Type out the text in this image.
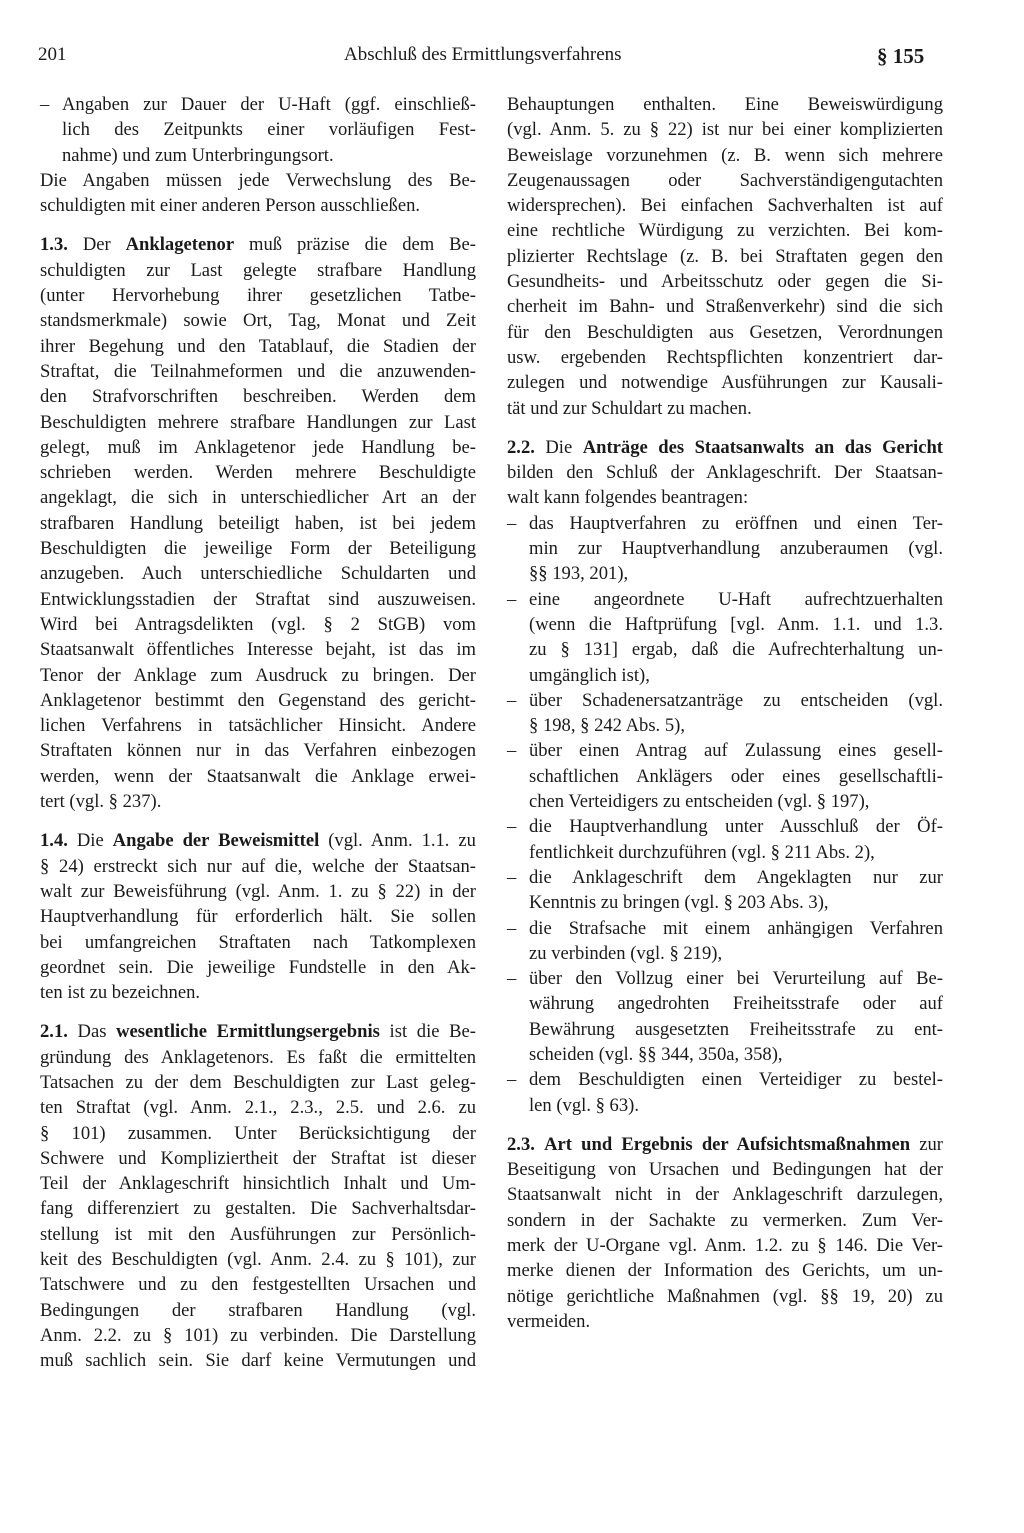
201	Abschluß des Ermittlungsverfahrens	§ 155
– Angaben zur Dauer der U-Haft (ggf. einschließ-
lich des Zeitpunkts einer vorläufigen Fest-
nahme) und zum Unterbringungsort.
Die Angaben müssen jede Verwechslung des Be-
schuldigten mit einer anderen Person ausschließen.
1.3. Der Anklagetenor muß präzise die dem Be-
schuldigten zur Last gelegte strafbare Handlung
(unter Hervorhebung ihrer gesetzlichen Tatbe-
standsmerkmale) sowie Ort, Tag, Monat und Zeit
ihrer Begehung und den Tatablauf, die Stadien der
Straftat, die Teilnahmeformen und die anzuwenden-
den Strafvorschriften beschreiben. Werden dem
Beschuldigten mehrere strafbare Handlungen zur Last
gelegt, muß im Anklagetenor jede Handlung be-
schrieben werden. Werden mehrere Beschuldigte
angeklagt, die sich in unterschiedlicher Art an der
strafbaren Handlung beteiligt haben, ist bei jedem
Beschuldigten die jeweilige Form der Beteiligung
anzugeben. Auch unterschiedliche Schuldarten und
Entwicklungsstadien der Straftat sind auszuweisen.
Wird bei Antragsdelikten (vgl. § 2 StGB) vom
Staatsanwalt öffentliches Interesse bejaht, ist das im
Tenor der Anklage zum Ausdruck zu bringen. Der
Anklagetenor bestimmt den Gegenstand des gericht-
lichen Verfahrens in tatsächlicher Hinsicht. Andere
Straftaten können nur in das Verfahren einbezogen
werden, wenn der Staatsanwalt die Anklage erwei-
tert (vgl. § 237).
1.4. Die Angabe der Beweismittel (vgl. Anm. 1.1. zu
§ 24) erstreckt sich nur auf die, welche der Staatsan-
walt zur Beweisführung (vgl. Anm. 1. zu § 22) in der
Hauptverhandlung für erforderlich hält. Sie sollen
bei umfangreichen Straftaten nach Tatkomplexen
geordnet sein. Die jeweilige Fundstelle in den Ak-
ten ist zu bezeichnen.
2.1. Das wesentliche Ermittlungsergebnis ist die Be-
gründung des Anklagetenors. Es faßt die ermittelten
Tatsachen zu der dem Beschuldigten zur Last geleg-
ten Straftat (vgl. Anm. 2.1., 2.3., 2.5. und 2.6. zu
§ 101) zusammen. Unter Berücksichtigung der
Schwere und Kompliziertheit der Straftat ist dieser
Teil der Anklageschrift hinsichtlich Inhalt und Um-
fang differenziert zu gestalten. Die Sachverhaltsdar-
stellung ist mit den Ausführungen zur Persönlich-
keit des Beschuldigten (vgl. Anm. 2.4. zu § 101), zur
Tatschwere und zu den festgestellten Ursachen und
Bedingungen der strafbaren Handlung (vgl.
Anm. 2.2. zu § 101) zu verbinden. Die Darstellung
muß sachlich sein. Sie darf keine Vermutungen und
Behauptungen enthalten. Eine Beweiswürdigung
(vgl. Anm. 5. zu § 22) ist nur bei einer komplizierten
Beweislage vorzunehmen (z. B. wenn sich mehrere
Zeugenaussagen oder Sachverständigengutachten
widersprechen). Bei einfachen Sachverhalten ist auf
eine rechtliche Würdigung zu verzichten. Bei kom-
plizierter Rechtslage (z. B. bei Straftaten gegen den
Gesundheits- und Arbeitsschutz oder gegen die Si-
cherheit im Bahn- und Straßenverkehr) sind die sich
für den Beschuldigten aus Gesetzen, Verordnungen
usw. ergebenden Rechtspflichten konzentriert dar-
zulegen und notwendige Ausführungen zur Kausali-
tät und zur Schuldart zu machen.
2.2. Die Anträge des Staatsanwalts an das Gericht
bilden den Schluß der Anklageschrift. Der Staatsan-
walt kann folgendes beantragen:
– das Hauptverfahren zu eröffnen und einen Ter-
min zur Hauptverhandlung anzuberaumen (vgl.
§§ 193, 201),
– eine angeordnete U-Haft aufrechtzuerhalten
(wenn die Haftprüfung [vgl. Anm. 1.1. und 1.3.
zu § 131] ergab, daß die Aufrechterhaltung un-
umgänglich ist),
– über Schadenersatzanträge zu entscheiden (vgl.
§ 198, § 242 Abs. 5),
– über einen Antrag auf Zulassung eines gesell-
schaftlichen Anklägers oder eines gesellschaftli-
chen Verteidigers zu entscheiden (vgl. § 197),
– die Hauptverhandlung unter Ausschluß der Öf-
fentlichkeit durchzuführen (vgl. § 211 Abs. 2),
– die Anklageschrift dem Angeklagten nur zur
Kenntnis zu bringen (vgl. § 203 Abs. 3),
– die Strafsache mit einem anhängigen Verfahren
zu verbinden (vgl. § 219),
– über den Vollzug einer bei Verurteilung auf Be-
währung angedrohten Freiheitsstrafe oder auf
Bewährung ausgesetzten Freiheitsstrafe zu ent-
scheiden (vgl. §§ 344, 350a, 358),
– dem Beschuldigten einen Verteidiger zu bestel-
len (vgl. § 63).
2.3. Art und Ergebnis der Aufsichtsmaßnahmen zur
Beseitigung von Ursachen und Bedingungen hat der
Staatsanwalt nicht in der Anklageschrift darzulegen,
sondern in der Sachakte zu vermerken. Zum Ver-
merk der U-Organe vgl. Anm. 1.2. zu § 146. Die Ver-
merke dienen der Information des Gerichts, um un-
nötige gerichtliche Maßnahmen (vgl. §§ 19, 20) zu
vermeiden.
